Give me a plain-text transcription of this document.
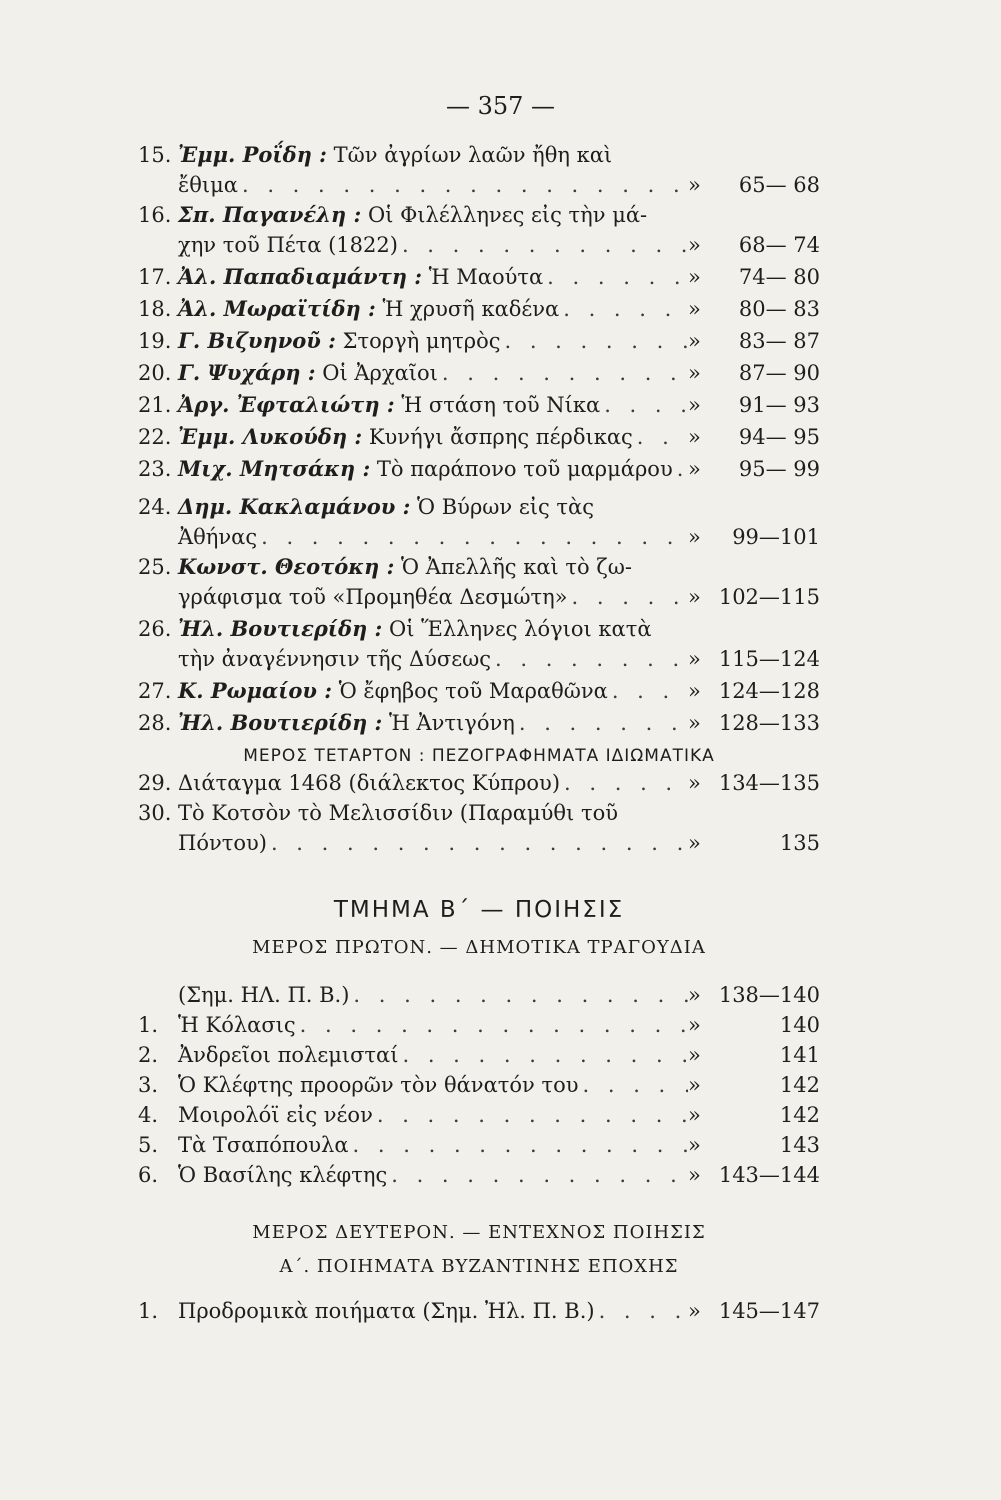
— 357 —
15. Ἐμμ. Ροΐδη : Τῶν ἀγρίων λαῶν ἤθη καὶ
ἔθιμα . . .	»	65— 68
16. Σπ. Παγανέλη : Οἱ Φιλέλληνες εἰς τὴν μά-
χην τοῦ Πέτα (1822) . . .	»	68— 74
17. Ἀλ. Παπαδιαμάντη : Ἡ Μαούτα . . .	»	74— 80
18. Ἀλ. Μωραϊτίδη : Ἡ χρυσῆ καδένα . . .	»	80— 83
19. Γ. Βιζυηνοῦ : Στοργὴ μητρὸς . . .	»	83— 87
20. Γ. Ψυχάρη : Οἱ Ἀρχαῖοι . . .	»	87— 90
21. Ἀργ. Ἐφταλιώτη : Ἡ στάση τοῦ Νίκα . . .	»	91— 93
22. Ἐμμ. Λυκούδη : Κυνήγι ἄσπρης πέρδικας . . .	»	94— 95
23. Μιχ. Μητσάκη : Τὸ παράπονο τοῦ μαρμάρου . . . »	95— 99
24. Δημ. Κακλαμάνου : Ὁ Βύρων εἰς τὰς
Ἀθήνας . . .	»	99—101
25. Κωνστ. Θεοτόκη : Ὁ Ἀπελλῆς καὶ τὸ ζω-
γράφισμα τοῦ «Προμηθέα Δεσμώτη» . . .	» 102—115
26. Ἠλ. Βουτιερίδη : Οἱ Ἕλληνες λόγιοι κατὰ
τὴν ἀναγέννησιν τῆς Δύσεως . . .	» 115—124
27. Κ. Ρωμαίου : Ὁ ἔφηβος τοῦ Μαραθῶνα . . .	» 124—128
28. Ἠλ. Βουτιερίδη : Ἡ Ἀντιγόνη . . .	» 128—133
ΜΕΡΟΣ ΤΕΤΑΡΤΟΝ : ΠΕΖΟΓΡΑΦΗΜΑΤΑ ΙΔΙΩΜΑΤΙΚΑ
29. Διάταγμα 1468 (διάλεκτος Κύπρου) . . .	» 134—135
30. Τὸ Κοτσὸν τὸ Μελισσίδιν (Παραμύθι τοῦ
Πόντου) . . .	»	135
ΤΜΗΜΑ Β΄ — ΠΟΙΗΣΙΣ
ΜΕΡΟΣ ΠΡΩΤΟΝ. — ΔΗΜΟΤΙΚΑ ΤΡΑΓΟΥΔΙΑ
(Σημ. ΗΛ. Π. Β.) . . .	» 138—140
1. Ἡ Κόλασις . . .	»	140
2. Ἀνδρεῖοι πολεμισταί . . .	»	141
3. Ὁ Κλέφτης προορῶν τὸν θάνατόν του . . .	»	142
4. Μοιρολόϊ εἰς νέον . . .	»	142
5. Τὰ Τσαπόπουλα . . .	»	143
6. Ὁ Βασίλης κλέφτης . . .	» 143—144
ΜΕΡΟΣ ΔΕΥΤΕΡΟΝ. — ΕΝΤΕΧΝΟΣ ΠΟΙΗΣΙΣ
Α΄. ΠΟΙΗΜΑΤΑ ΒΥΖΑΝΤΙΝΗΣ ΕΠΟΧΗΣ
1. Προδρομικὰ ποιήματα (Σημ. Ἠλ. Π. Β.) . . .	» 145—147
